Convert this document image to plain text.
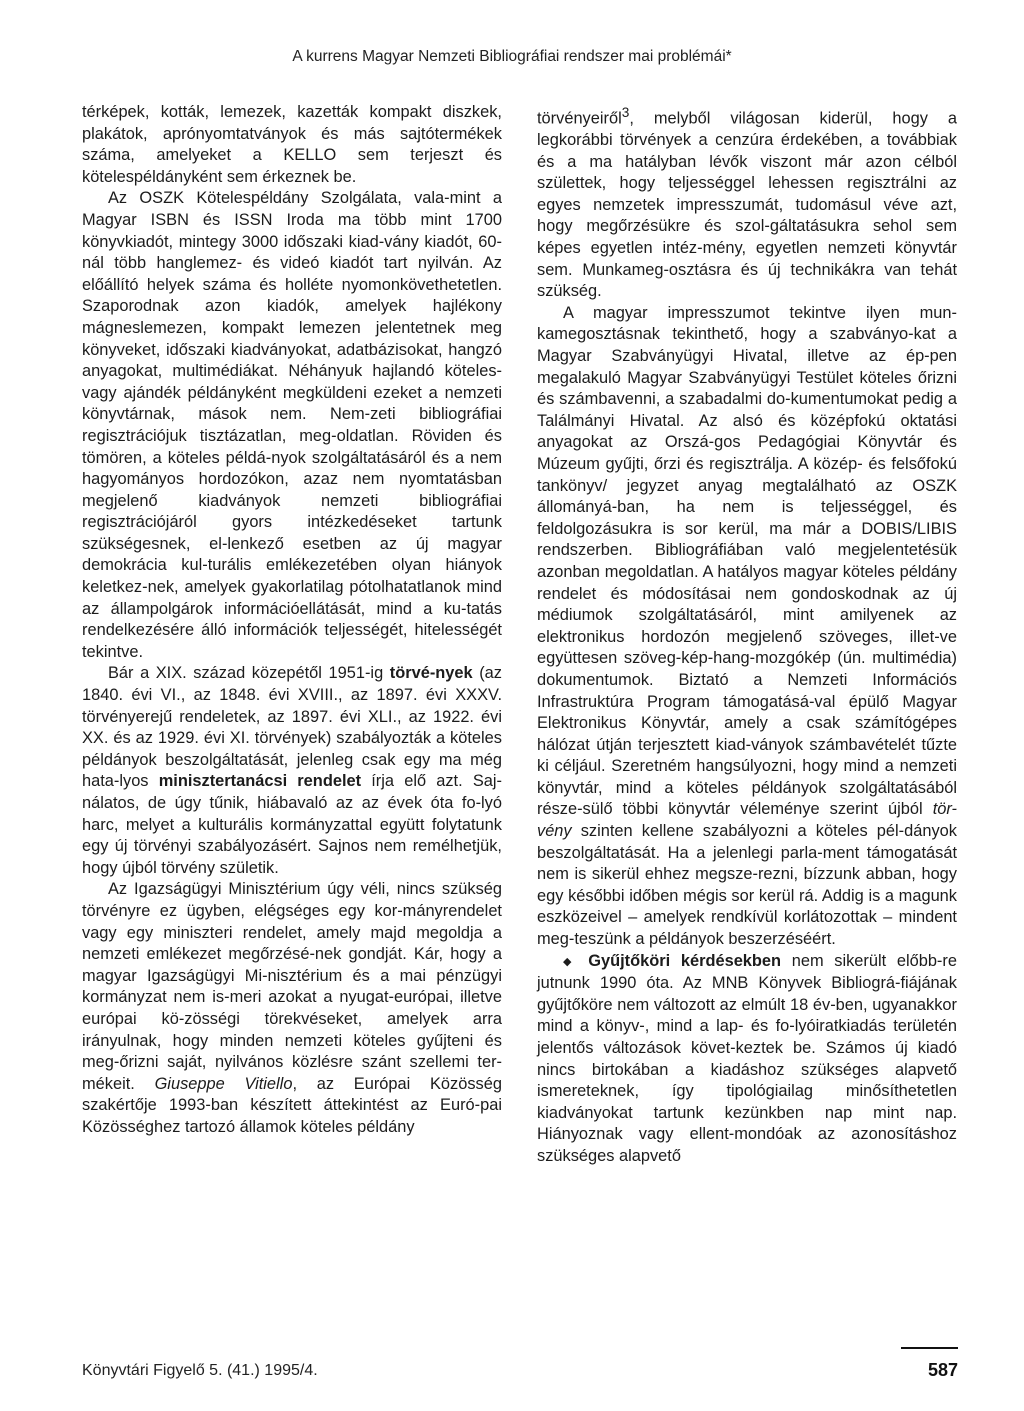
A kurrens Magyar Nemzeti Bibliográfiai rendszer mai problémái*

térképek, kották, lemezek, kazetták kompakt diszkek, plakátok, aprónyomtatványok és más sajtótermékek száma, amelyeket a KELLO sem terjeszt és kötelespéldányként sem érkeznek be.

Az OSZK Kötelespéldány Szolgálata, vala-mint a Magyar ISBN és ISSN Iroda ma több mint 1700 könyvkiadót, mintegy 3000 időszaki kiad-vány kiadót, 60-nál több hanglemez- és videó kiadót tart nyilván. Az előállító helyek száma és holléte nyomonkövethetetlen. Szaporodnak azon kiadók, amelyek hajlékony mágneslemezen, kompakt lemezen jelentetnek meg könyveket, időszaki kiadványokat, adatbázisokat, hangzó anyagokat, multimédiákat. Néhányuk hajlandó köteles- vagy ajándék példányként megküldeni ezeket a nemzeti könyvtárnak, mások nem. Nem-zeti bibliográfiai regisztrációjuk tisztázatlan, meg-oldatlan. Röviden és tömören, a köteles példá-nyok szolgáltatásáról és a nem hagyományos hordozókon, azaz nem nyomtatásban megjelenő kiadványok nemzeti bibliográfiai regisztrációjáról gyors intézkedéseket tartunk szükségesnek, el-lenkező esetben az új magyar demokrácia kul-turális emlékezetében olyan hiányok keletkez-nek, amelyek gyakorlatilag pótolhatatlanok mind az állampolgárok információellátását, mind a ku-tatás rendelkezésére álló információk teljességét, hitelességét tekintve.

Bár a XIX. század közepétől 1951-ig törvé-nyek (az 1840. évi VI., az 1848. évi XVIII., az 1897. évi XXXV. törvényerejű rendeletek, az 1897. évi XLI., az 1922. évi XX. és az 1929. évi XI. törvények) szabályozták a köteles példányok beszolgáltatását, jelenleg csak egy ma még hata-lyos minisztertanácsi rendelet írja elő azt. Saj-nálatos, de úgy tűnik, hiábavaló az az évek óta fo-lyó harc, melyet a kulturális kormányzattal együtt folytatunk egy új törvényi szabályozásért. Sajnos nem remélhetjük, hogy újból törvény születik.

Az Igazságügyi Minisztérium úgy véli, nincs szükség törvényre ez ügyben, elégséges egy kor-mányrendelet vagy egy miniszteri rendelet, amely majd megoldja a nemzeti emlékezet megőrzésé-nek gondját. Kár, hogy a magyar Igazságügyi Mi-nisztérium és a mai pénzügyi kormányzat nem is-meri azokat a nyugat-európai, illetve európai kö-zösségi törekvéseket, amelyek arra irányulnak, hogy minden nemzeti köteles gyűjteni és meg-őrizni saját, nyilvános közlésre szánt szellemi ter-mékeit. Giuseppe Vitiello, az Európai Közösség szakértője 1993-ban készített áttekintést az Euró-pai Közösséghez tartozó államok köteles példány

törvényeiről$^3$, melyből világosan kiderül, hogy a legkorábbi törvények a cenzúra érdekében, a továbbiak és a ma hatályban lévők viszont már azon célból születtek, hogy teljességgel lehessen regisztrálni az egyes nemzetek impresszumát, tudomásul véve azt, hogy megőrzésükre és szol-gáltatásukra sehol sem képes egyetlen intéz-mény, egyetlen nemzeti könyvtár sem. Munkameg-osztásra és új technikákra van tehát szükség.

A magyar impresszumot tekintve ilyen mun-kamegosztásnak tekinthető, hogy a szabványo-kat a Magyar Szabványügyi Hivatal, illetve az ép-pen megalakuló Magyar Szabványügyi Testület köteles őrizni és számbavenni, a szabadalmi do-kumentumokat pedig a Találmányi Hivatal. Az alsó és középfokú oktatási anyagokat az Orszá-gos Pedagógiai Könyvtár és Múzeum gyűjti, őrzi és regisztrálja. A közép- és felsőfokú tankönyv/ jegyzet anyag megtalálható az OSZK állományá-ban, ha nem is teljességgel, és feldolgozásukra is sor kerül, ma már a DOBIS/LIBIS rendszerben. Bibliográfiában való megjelentetésük azonban megoldatlan. A hatályos magyar köteles példány rendelet és módosításai nem gondoskodnak az új médiumok szolgáltatásáról, mint amilyenek az elektronikus hordozón megjelenő szöveges, illet-ve együttesen szöveg-kép-hang-mozgókép (ún. multimédia) dokumentumok. Biztató a Nemzeti Információs Infrastruktúra Program támogatásá-val épülő Magyar Elektronikus Könyvtár, amely a csak számítógépes hálózat útján terjesztett kiad-ványok számbavételét tűzte ki céljául. Szeretném hangsúlyozni, hogy mind a nemzeti könyvtár, mind a köteles példányok szolgáltatásából része-sülő többi könyvtár véleménye szerint újból tör-vény szinten kellene szabályozni a köteles pél-dányok beszolgáltatását. Ha a jelenlegi parla-ment támogatását nem is sikerül ehhez megsze-rezni, bízzunk abban, hogy egy későbbi időben mégis sor kerül rá. Addig is a magunk eszközeivel – amelyek rendkívül korlátozottak – mindent meg-teszünk a példányok beszerzéséért.

◆ Gyűjtőköri kérdésekben nem sikerült előbb-re jutnunk 1990 óta. Az MNB Könyvek Bibliográ-fiájának gyűjtőköre nem változott az elmúlt 18 év-ben, ugyanakkor mind a könyv-, mind a lap- és fo-lyóiratkiadás területén jelentős változások követ-keztek be. Számos új kiadó nincs birtokában a kiadáshoz szükséges alapvető ismereteknek, így tipológiailag minősíthetetlen kiadványokat tartunk kezünkben nap mint nap. Hiányoznak vagy ellent-mondóak az azonosításhoz szükséges alapvető

Könyvtári Figyelő 5. (41.) 1995/4.	587
